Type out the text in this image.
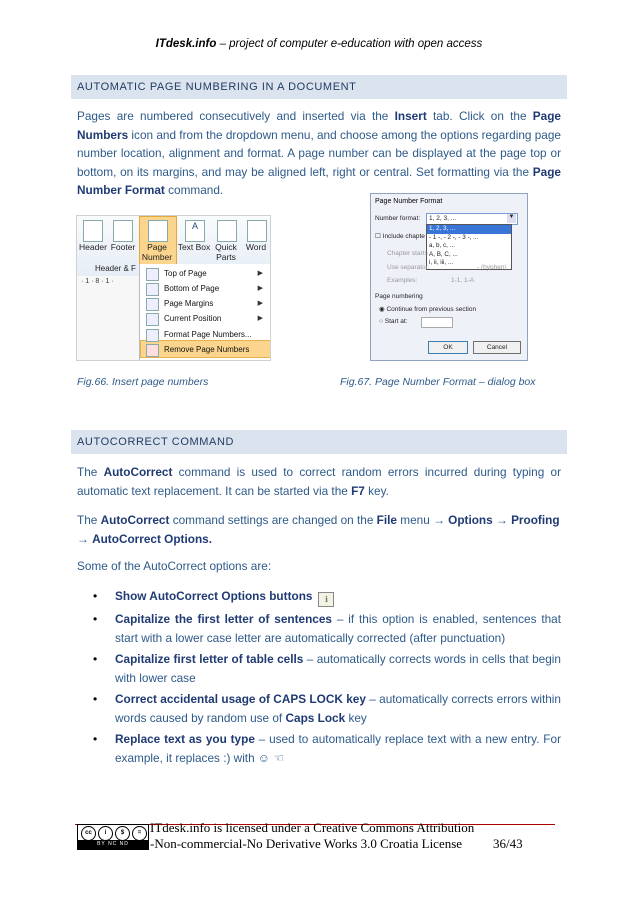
ITdesk.info – project of computer e-education with open access
AUTOMATIC PAGE NUMBERING IN A DOCUMENT
Pages are numbered consecutively and inserted via the Insert tab. Click on the Page Numbers icon and from the dropdown menu, and choose among the options regarding page number location, alignment and format. A page number can be displayed at the page top or bottom, on its margins, and may be aligned left, right or central. Set formatting via the Page Number Format command.
Header Footer	Page Number
A
Text Box Quick Parts
Word
Header & F
· 1 · 8 · 1 ·
Top of Page	▶
Bottom of Page	▶
Page Margins	▶
Current Position	▶
Format Page Numbers...
Remove Page Numbers
Page Number Format
Number format: 1, 2, 3, ...	▼
1, 2, 3, ...
- 1 -, - 2 -, - 3 -, ...
a, b, c, ...
A, B, C, ...
i, ii, iii, ...
☐ Include chapte
Chapter starts
Use separator:	- (hyphen)
Examples:	1-1, 1-A
Page numbering
◉ Continue from previous section
○ Start at:
OK	Cancel
Fig.66. Insert page numbers	Fig.67. Page Number Format – dialog box
AUTOCORRECT COMMAND
The AutoCorrect command is used to correct random errors incurred during typing or automatic text replacement. It can be started via the F7 key.
The AutoCorrect command settings are changed on the File menu → Options → Proofing → AutoCorrect Options.
Some of the AutoCorrect options are:
• Show AutoCorrect Options buttons ℹ
• Capitalize the first letter of sentences – if this option is enabled, sentences that start with a lower case letter are automatically corrected (after punctuation)
• Capitalize first letter of table cells – automatically corrects words in cells that begin with lower case
• Correct accidental usage of CAPS LOCK key – automatically corrects errors within words caused by random use of Caps Lock key
• Replace text as you type – used to automatically replace text with a new entry. For example, it replaces :) with ☺ ☜
cc	i	$	=
BY NC ND
ITdesk.info is licensed under a Creative Commons Attribution
-Non-commercial-No Derivative Works 3.0 Croatia License	36/43
